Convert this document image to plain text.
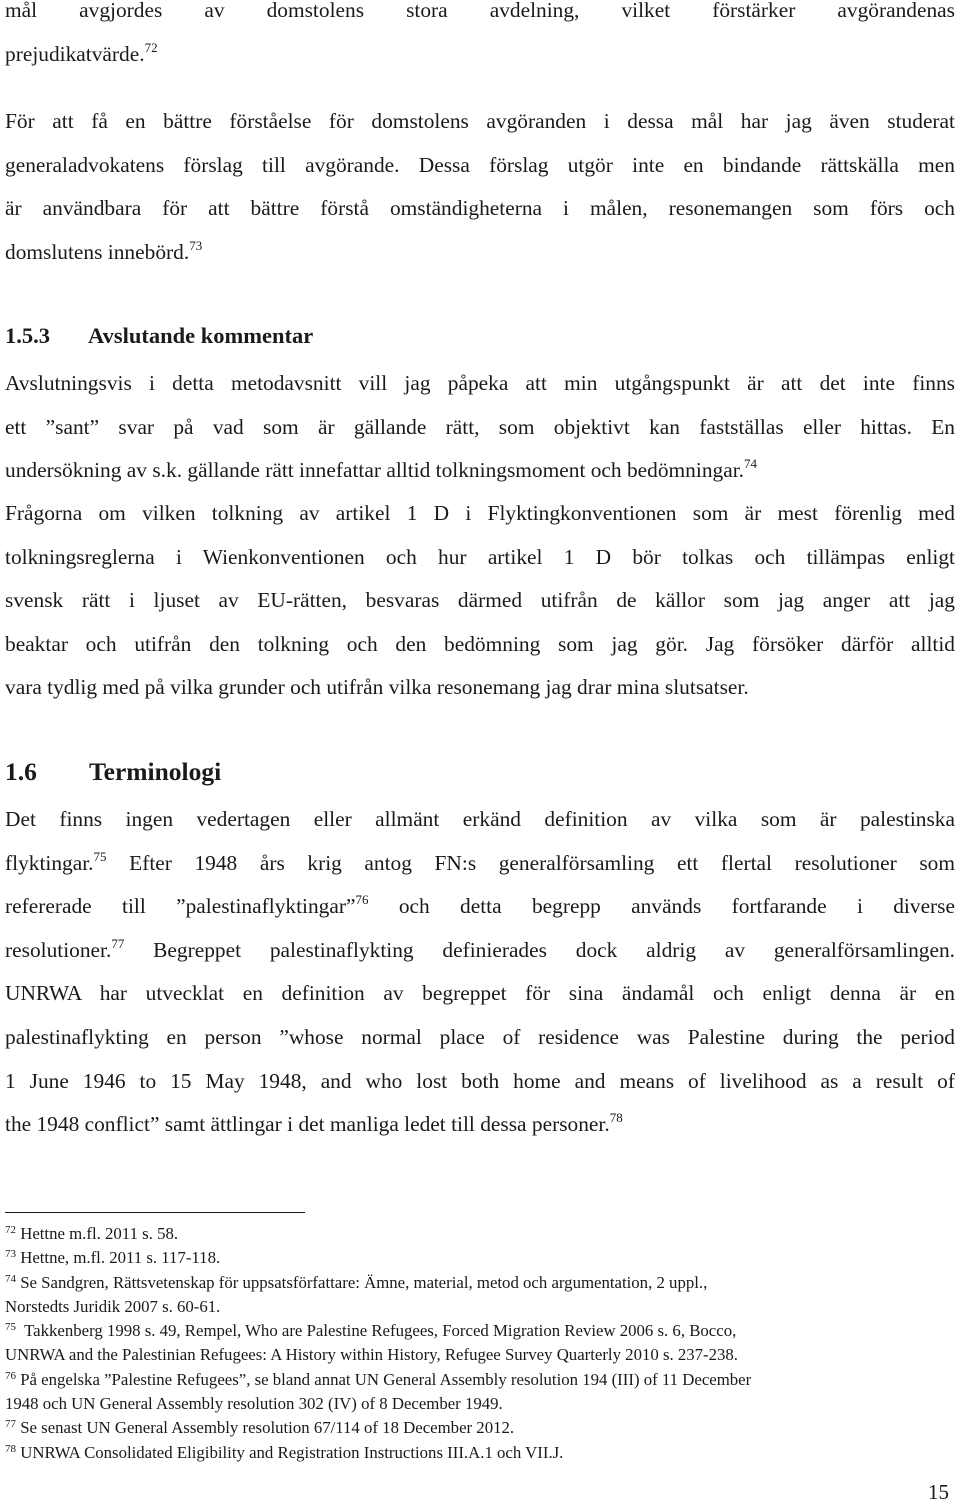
mål avgjordes av domstolens stora avdelning, vilket förstärker avgörandenas
prejudikatvärde.$^{72}$
För att få en bättre förståelse för domstolens avgöranden i dessa mål har jag även studerat
generaladvokatens förslag till avgörande. Dessa förslag utgör inte en bindande rättskälla men
är användbara för att bättre förstå omständigheterna i målen, resonemangen som förs och
domslutens innebörd.$^{73}$
1.5.3 Avslutande kommentar
Avslutningsvis i detta metodavsnitt vill jag påpeka att min utgångspunkt är att det inte finns
ett ”sant” svar på vad som är gällande rätt, som objektivt kan fastställas eller hittas. En
undersökning av s.k. gällande rätt innefattar alltid tolkningsmoment och bedömningar.$^{74}$
Frågorna om vilken tolkning av artikel 1 D i Flyktingkonventionen som är mest förenlig med
tolkningsreglerna i Wienkonventionen och hur artikel 1 D bör tolkas och tillämpas enligt
svensk rätt i ljuset av EU-rätten, besvaras därmed utifrån de källor som jag anger att jag
beaktar och utifrån den tolkning och den bedömning som jag gör. Jag försöker därför alltid
vara tydlig med på vilka grunder och utifrån vilka resonemang jag drar mina slutsatser.
1.6 Terminologi
Det finns ingen vedertagen eller allmänt erkänd definition av vilka som är palestinska
flyktingar.$^{75}$ Efter 1948 års krig antog FN:s generalförsamling ett flertal resolutioner som
refererade till ”palestinaflyktingar”$^{76}$ och detta begrepp används fortfarande i diverse
resolutioner.$^{77}$ Begreppet palestinaflykting definierades dock aldrig av generalförsamlingen.
UNRWA har utvecklat en definition av begreppet för sina ändamål och enligt denna är en
palestinaflykting en person ”whose normal place of residence was Palestine during the period
1 June 1946 to 15 May 1948, and who lost both home and means of livelihood as a result of
the 1948 conflict” samt ättlingar i det manliga ledet till dessa personer.$^{78}$

$^{72}$ Hettne m.fl. 2011 s. 58.

$^{73}$ Hettne, m.fl. 2011 s. 117-118.

$^{74}$ Se Sandgren, Rättsvetenskap för uppsatsförfattare: Ämne, material, metod och argumentation, 2 uppl.,
Norstedts Juridik 2007 s. 60-61.

$^{75}$ Takkenberg 1998 s. 49, Rempel, Who are Palestine Refugees, Forced Migration Review 2006 s. 6, Bocco,
UNRWA and the Palestinian Refugees: A History within History, Refugee Survey Quarterly 2010 s. 237-238.

$^{76}$ På engelska ”Palestine Refugees”, se bland annat UN General Assembly resolution 194 (III) of 11 December
1948 och UN General Assembly resolution 302 (IV) of 8 December 1949.

$^{77}$ Se senast UN General Assembly resolution 67/114 of 18 December 2012.

$^{78}$ UNRWA Consolidated Eligibility and Registration Instructions III.A.1 och VII.J.

15
